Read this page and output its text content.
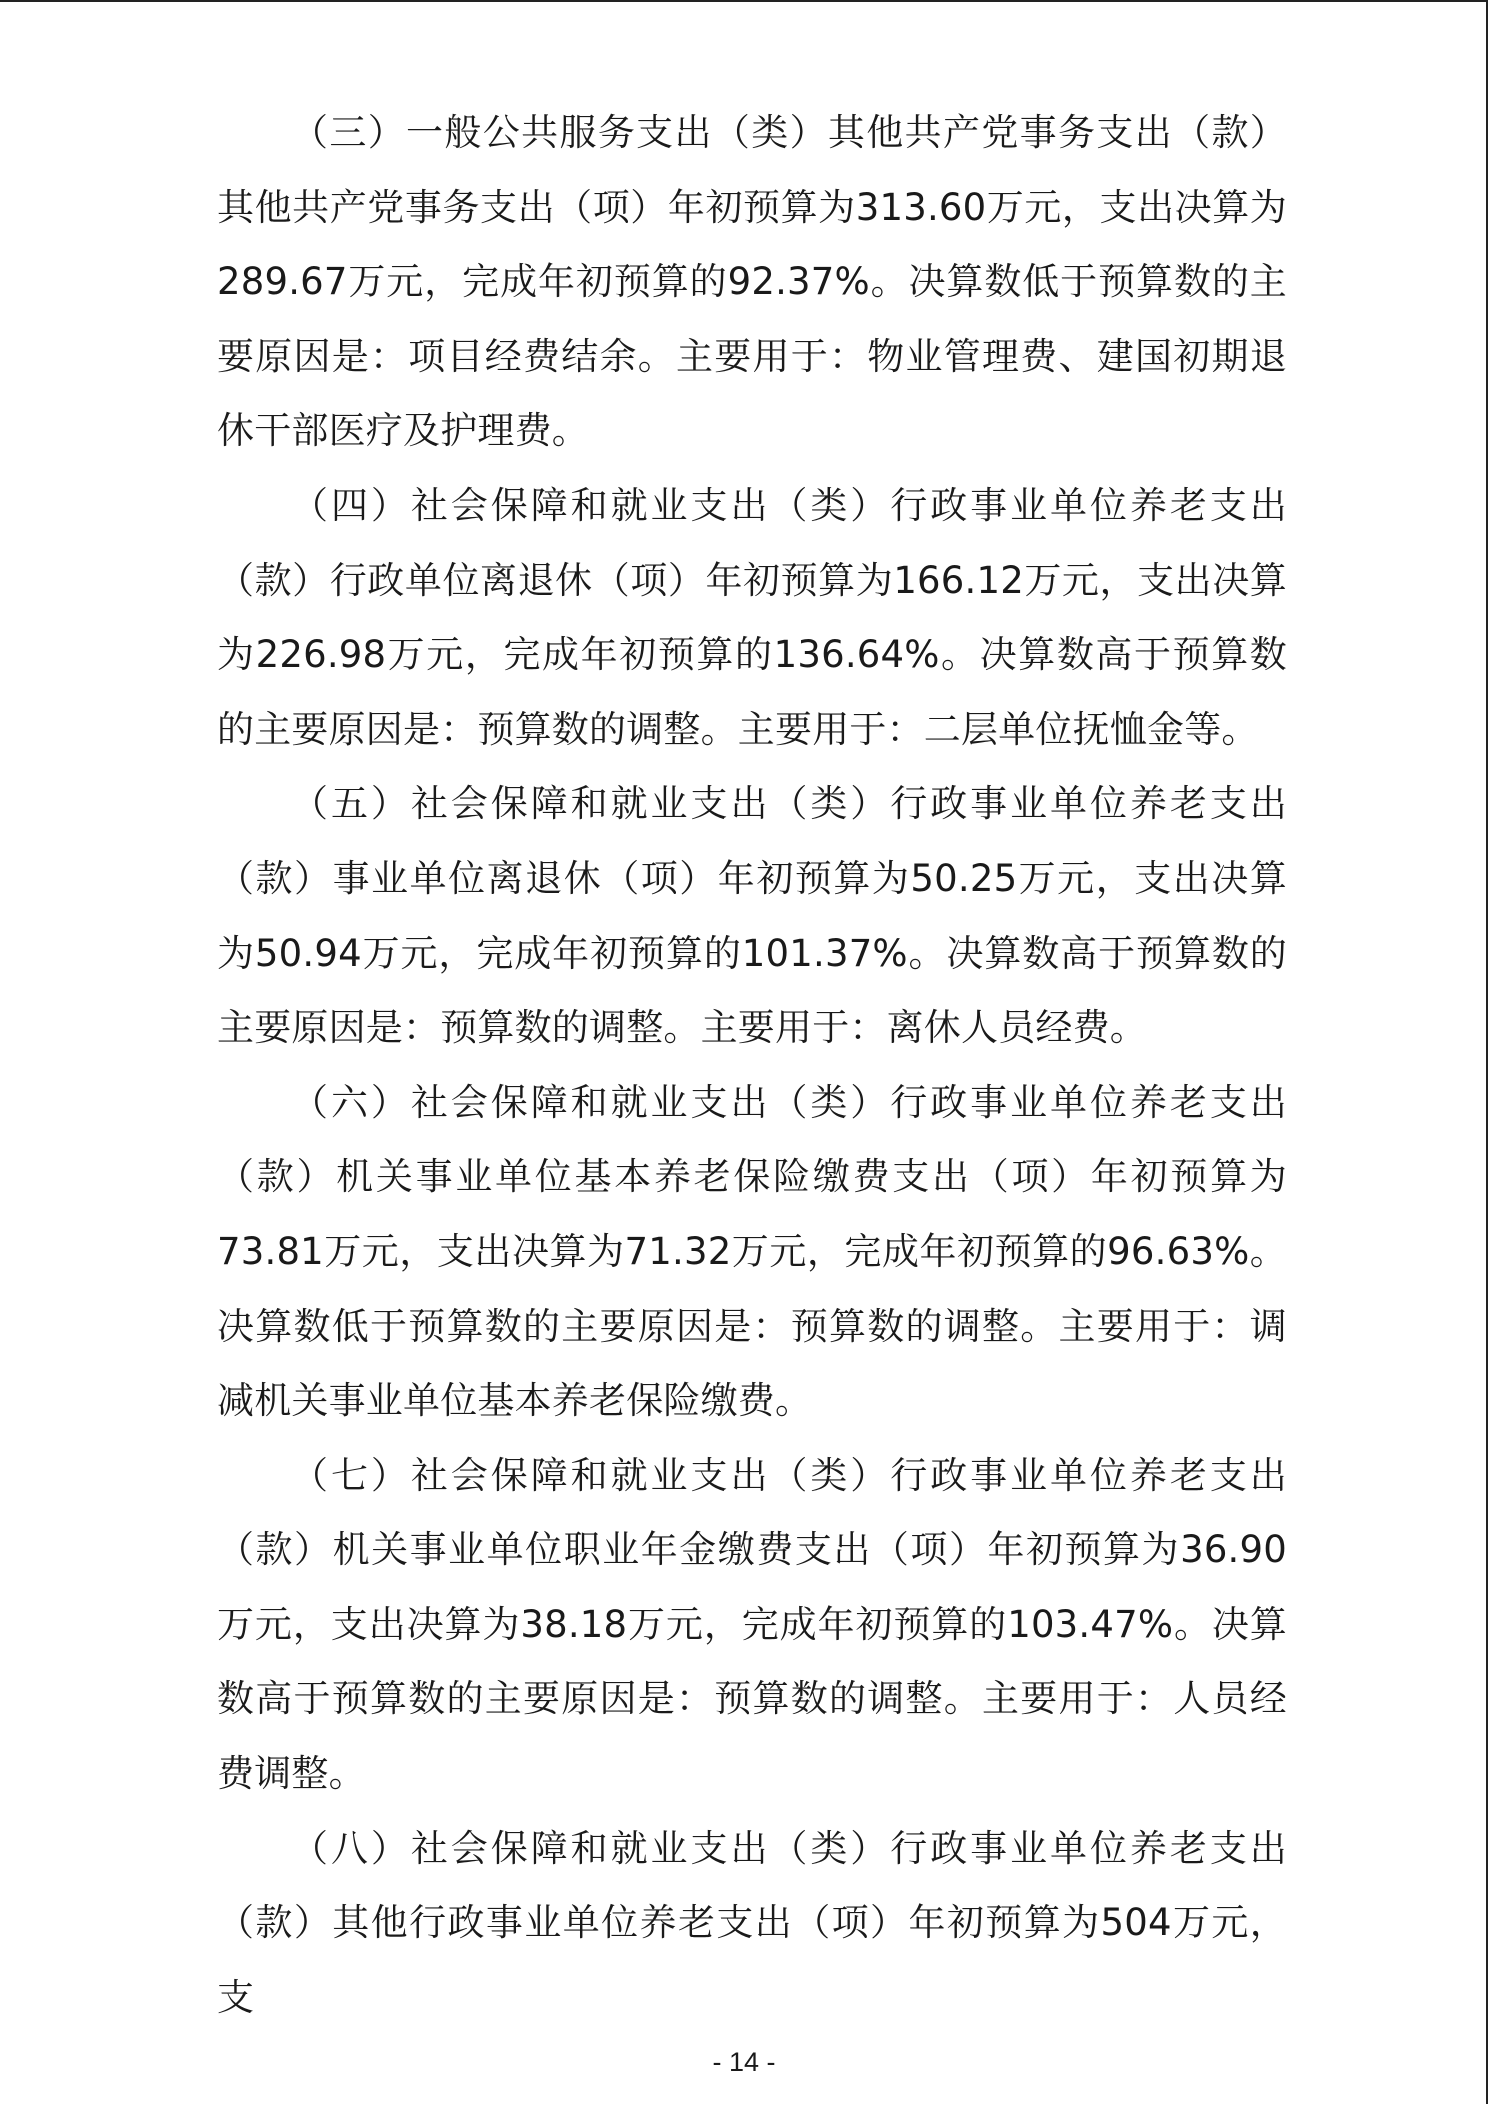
（三）一般公共服务支出（类）其他共产党事务支出（款）其他共产党事务支出（项）年初预算为313.60万元，支出决算为289.67万元，完成年初预算的92.37%。决算数低于预算数的主要原因是：项目经费结余。主要用于：物业管理费、建国初期退休干部医疗及护理费。

（四）社会保障和就业支出（类）行政事业单位养老支出（款）行政单位离退休（项）年初预算为166.12万元，支出决算为226.98万元，完成年初预算的136.64%。决算数高于预算数的主要原因是：预算数的调整。主要用于：二层单位抚恤金等。

（五）社会保障和就业支出（类）行政事业单位养老支出（款）事业单位离退休（项）年初预算为50.25万元，支出决算为50.94万元，完成年初预算的101.37%。决算数高于预算数的主要原因是：预算数的调整。主要用于：离休人员经费。

（六）社会保障和就业支出（类）行政事业单位养老支出（款）机关事业单位基本养老保险缴费支出（项）年初预算为73.81万元，支出决算为71.32万元，完成年初预算的96.63%。决算数低于预算数的主要原因是：预算数的调整。主要用于：调减机关事业单位基本养老保险缴费。

（七）社会保障和就业支出（类）行政事业单位养老支出（款）机关事业单位职业年金缴费支出（项）年初预算为36.90万元，支出决算为38.18万元，完成年初预算的103.47%。决算数高于预算数的主要原因是：预算数的调整。主要用于：人员经费调整。

（八）社会保障和就业支出（类）行政事业单位养老支出（款）其他行政事业单位养老支出（项）年初预算为504万元，支

- 14 -
